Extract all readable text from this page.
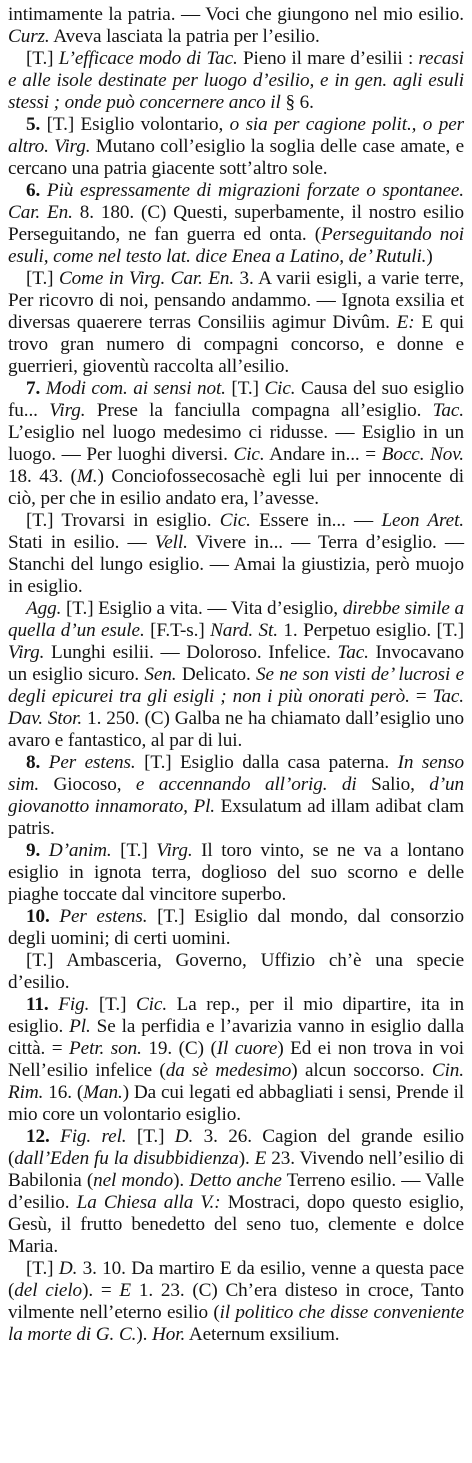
intimamente la patria. — Voci che giungono nel mio esilio. Curz. Aveva lasciata la patria per l’esilio.

[T.] L’efficace modo di Tac. Pieno il mare d’esilii : recasi e alle isole destinate per luogo d’esilio, e in gen. agli esuli stessi ; onde può concernere anco il § 6.

5. [T.] Esiglio volontario, o sia per cagione polit., o per altro. Virg. Mutano coll’esiglio la soglia delle case amate, e cercano una patria giacente sott’altro sole.

6. Più espressamente di migrazioni forzate o spontanee. Car. En. 8. 180. (C) Questi, superbamente, il nostro esilio Perseguitando, ne fan guerra ed onta. (Perseguitando noi esuli, come nel testo lat. dice Enea a Latino, de’ Rutuli.)

[T.] Come in Virg. Car. En. 3. A varii esigli, a varie terre, Per ricovro di noi, pensando andammo. — Ignota exsilia et diversas quaerere terras Consiliis agimur Divûm. E: E qui trovo gran numero di compagni concorso, e donne e guerrieri, gioventù raccolta all’esilio.

7. Modi com. ai sensi not. [T.] Cic. Causa del suo esiglio fu... Virg. Prese la fanciulla compagna all’esiglio. Tac. L’esiglio nel luogo medesimo ci ridusse. — Esiglio in un luogo. — Per luoghi diversi. Cic. Andare in... = Bocc. Nov. 18. 43. (M.) Conciofossecosachè egli lui per innocente di ciò, per che in esilio andato era, l’avesse.

[T.] Trovarsi in esiglio. Cic. Essere in... — Leon Aret. Stati in esilio. — Vell. Vivere in... — Terra d’esiglio. — Stanchi del lungo esiglio. — Amai la giustizia, però muojo in esiglio.

Agg. [T.] Esiglio a vita. — Vita d’esiglio, direbbe simile a quella d’un esule. [F.T-s.] Nard. St. 1. Perpetuo esiglio. [T.] Virg. Lunghi esilii. — Doloroso. Infelice. Tac. Invocavano un esiglio sicuro. Sen. Delicato. Se ne son visti de’ lucrosi e degli epicurei tra gli esigli ; non i più onorati però. = Tac. Dav. Stor. 1. 250. (C) Galba ne ha chiamato dall’esiglio uno avaro e fantastico, al par di lui.

8. Per estens. [T.] Esiglio dalla casa paterna. In senso sim. Giocoso, e accennando all’orig. di Salio, d’un giovanotto innamorato, Pl. Exsulatum ad illam adibat clam patris.

9. D’anim. [T.] Virg. Il toro vinto, se ne va a lontano esiglio in ignota terra, doglioso del suo scorno e delle piaghe toccate dal vincitore superbo.

10. Per estens. [T.] Esiglio dal mondo, dal consorzio degli uomini; di certi uomini.

[T.] Ambasceria, Governo, Uffizio ch’è una specie d’esilio.

11. Fig. [T.] Cic. La rep., per il mio dipartire, ita in esiglio. Pl. Se la perfidia e l’avarizia vanno in esiglio dalla città. = Petr. son. 19. (C) (Il cuore) Ed ei non trova in voi Nell’esilio infelice (da sè medesimo) alcun soccorso. Cin. Rim. 16. (Man.) Da cui legati ed abbagliati i sensi, Prende il mio core un volontario esiglio.

12. Fig. rel. [T.] D. 3. 26. Cagion del grande esilio (dall’Eden fu la disubbidienza). E 23. Vivendo nell’esilio di Babilonia (nel mondo). Detto anche Terreno esilio. — Valle d’esilio. La Chiesa alla V.: Mostraci, dopo questo esiglio, Gesù, il frutto benedetto del seno tuo, clemente e dolce Maria.

[T.] D. 3. 10. Da martiro E da esilio, venne a questa pace (del cielo). = E 1. 23. (C) Ch’era disteso in croce, Tanto vilmente nell’eterno esilio (il politico che disse conveniente la morte di G. C.). Hor. Aeternum exsilium.
